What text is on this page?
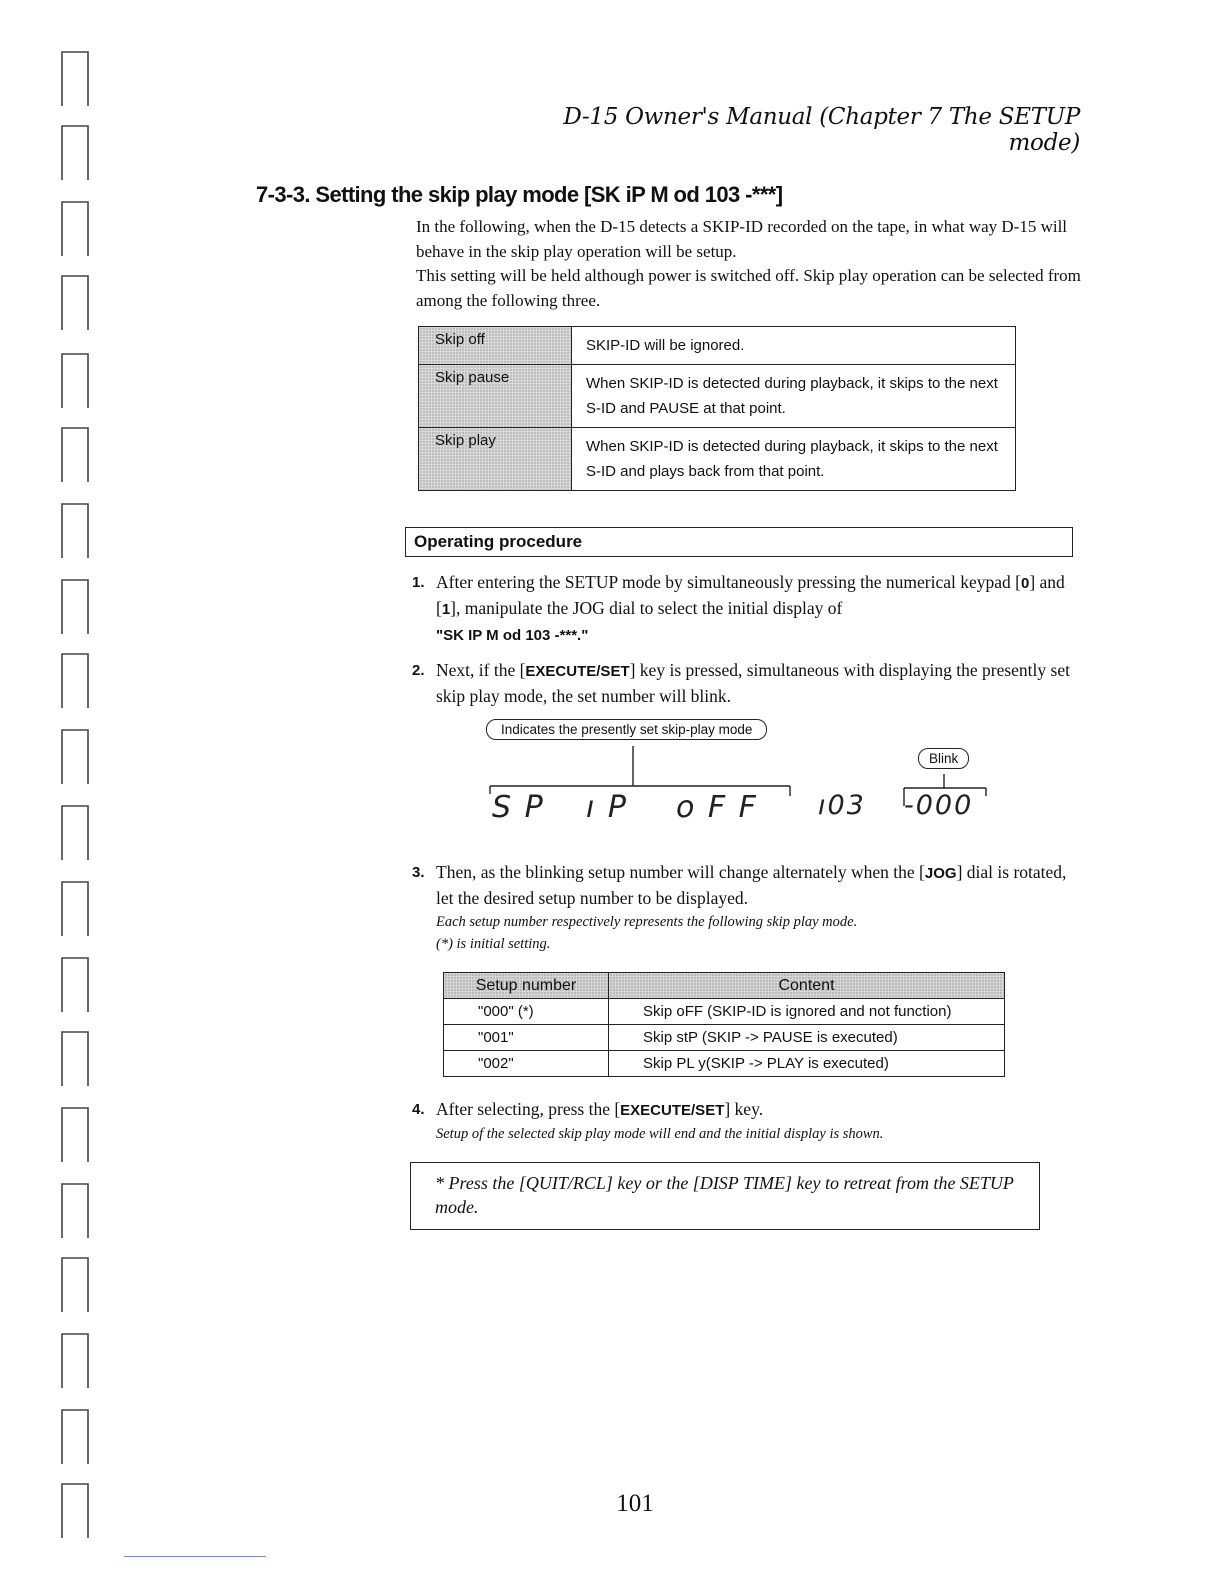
D-15 Owner's Manual (Chapter 7 The SETUP mode)
7-3-3. Setting the skip play mode [SK iP M od 103 -***]

In the following, when the D-15 detects a SKIP-ID recorded on the tape, in what way D-15 will behave in the skip play operation will be setup.

This setting will be held although power is switched off. Skip play operation can be selected from among the following three.

Skip off	SKIP-ID will be ignored.
Skip pause	When SKIP-ID is detected during playback, it skips to the next S-ID and PAUSE at that point.
Skip play	When SKIP-ID is detected during playback, it skips to the next S-ID and plays back from that point.
Operating procedure
1. After entering the SETUP mode by simultaneously pressing the numerical keypad [0] and [1], manipulate the JOG dial to select the initial display of
"SK IP M od 103 -***."
2. Next, if the [EXECUTE/SET] key is pressed, simultaneous with displaying the presently set skip play mode, the set number will blink.
Indicates the presently set skip-play mode
Blink
S P ı P o F F ı03 -000
3. Then, as the blinking setup number will change alternately when the [JOG] dial is rotated, let the desired setup number to be displayed.
Each setup number respectively represents the following skip play mode.
(*) is initial setting.
Setup number	Content
"000" (*)	Skip oFF (SKIP-ID is ignored and not function)
"001"	Skip stP (SKIP -> PAUSE is executed)
"002"	Skip PL y(SKIP -> PLAY is executed)
4. After selecting, press the [EXECUTE/SET] key.
Setup of the selected skip play mode will end and the initial display is shown.
* Press the [QUIT/RCL] key or the [DISP TIME] key to retreat from the SETUP mode.
101
